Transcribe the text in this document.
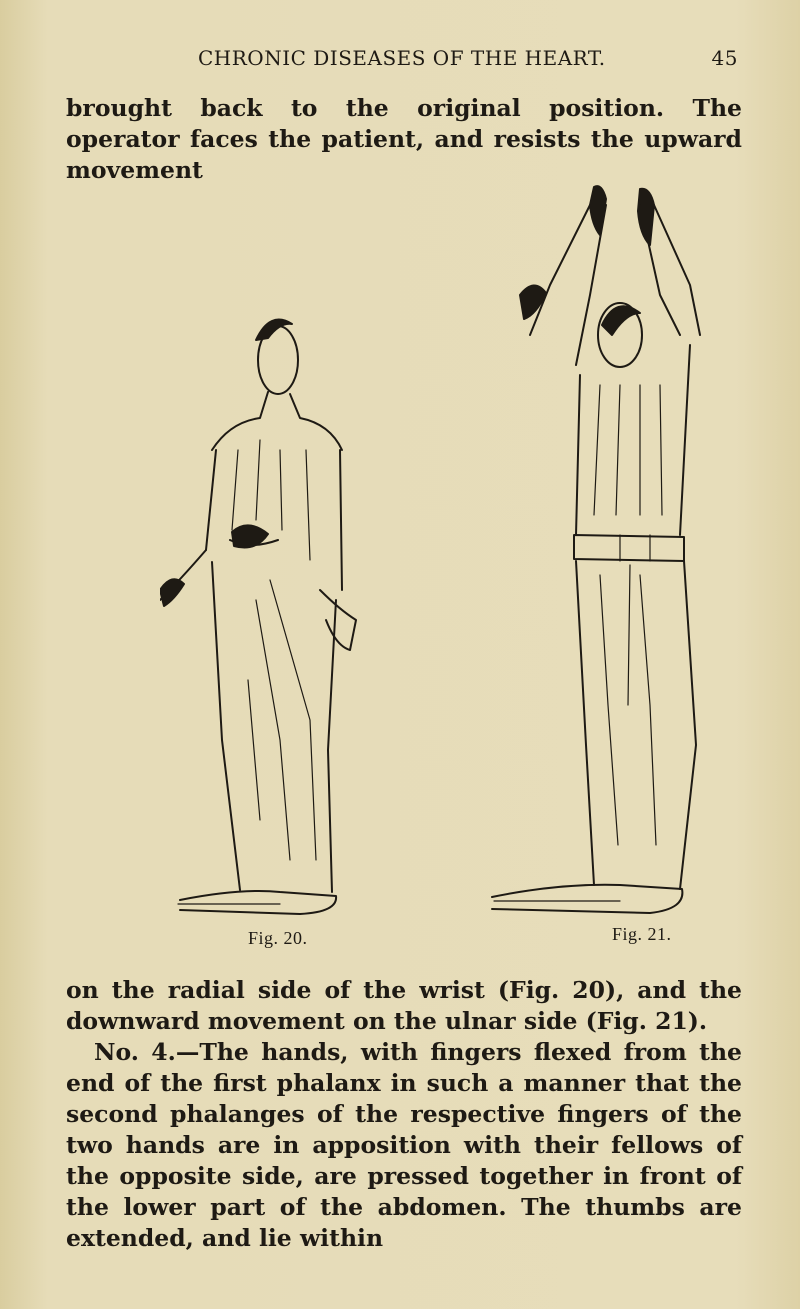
CHRONIC DISEASES OF THE HEART.	45

brought back to the original position. The operator faces the patient, and resists the upward movement

Fig. 20.	Fig. 21.

on the radial side of the wrist (Fig. 20), and the downward movement on the ulnar side (Fig. 21).

No. 4.—The hands, with fingers flexed from the end of the first phalanx in such a manner that the second phalanges of the respective fingers of the two hands are in apposition with their fellows of the opposite side, are pressed together in front of the lower part of the abdomen. The thumbs are extended, and lie within
